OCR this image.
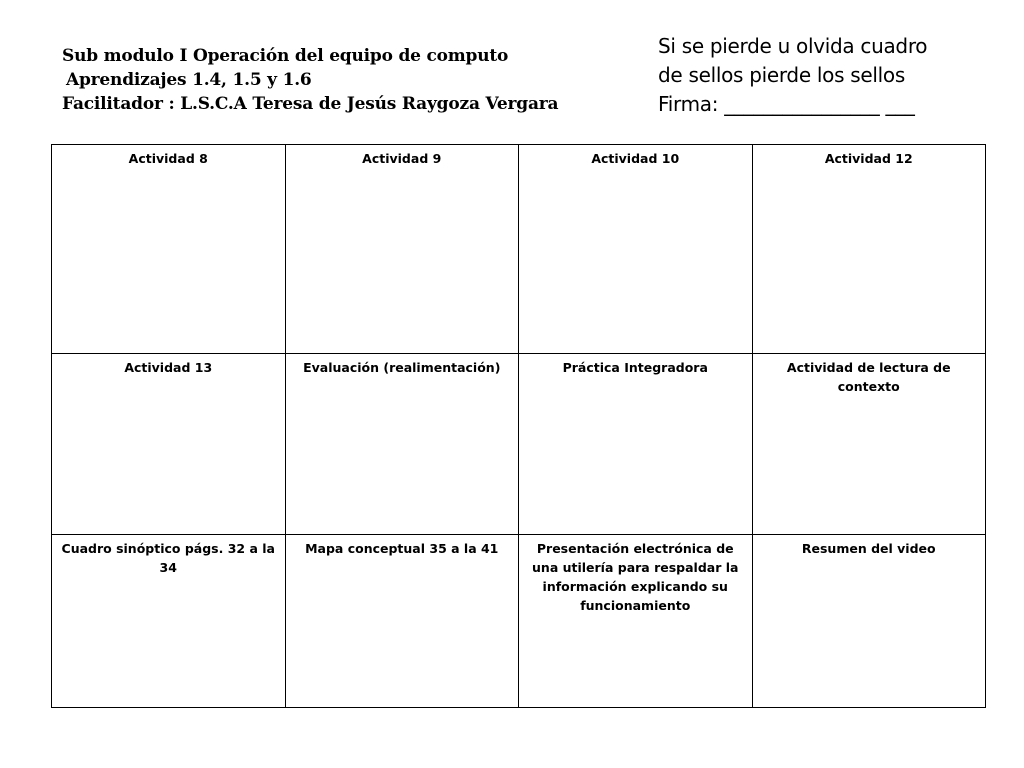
Sub modulo I Operación del equipo de computo
Aprendizajes 1.4, 1.5 y 1.6
Facilitador : L.S.C.A Teresa de Jesús Raygoza Vergara
Si se pierde u olvida cuadro
de sellos pierde los sellos
Firma: ________________ ___
Actividad 8	Actividad 9	Actividad 10	Actividad 12
Actividad 13	Evaluación (realimentación)	Práctica Integradora	Actividad de lectura de contexto
Cuadro sinóptico págs. 32 a la 34	Mapa conceptual 35 a la 41	Presentación electrónica de una utilería para respaldar la información explicando su funcionamiento	Resumen del video
